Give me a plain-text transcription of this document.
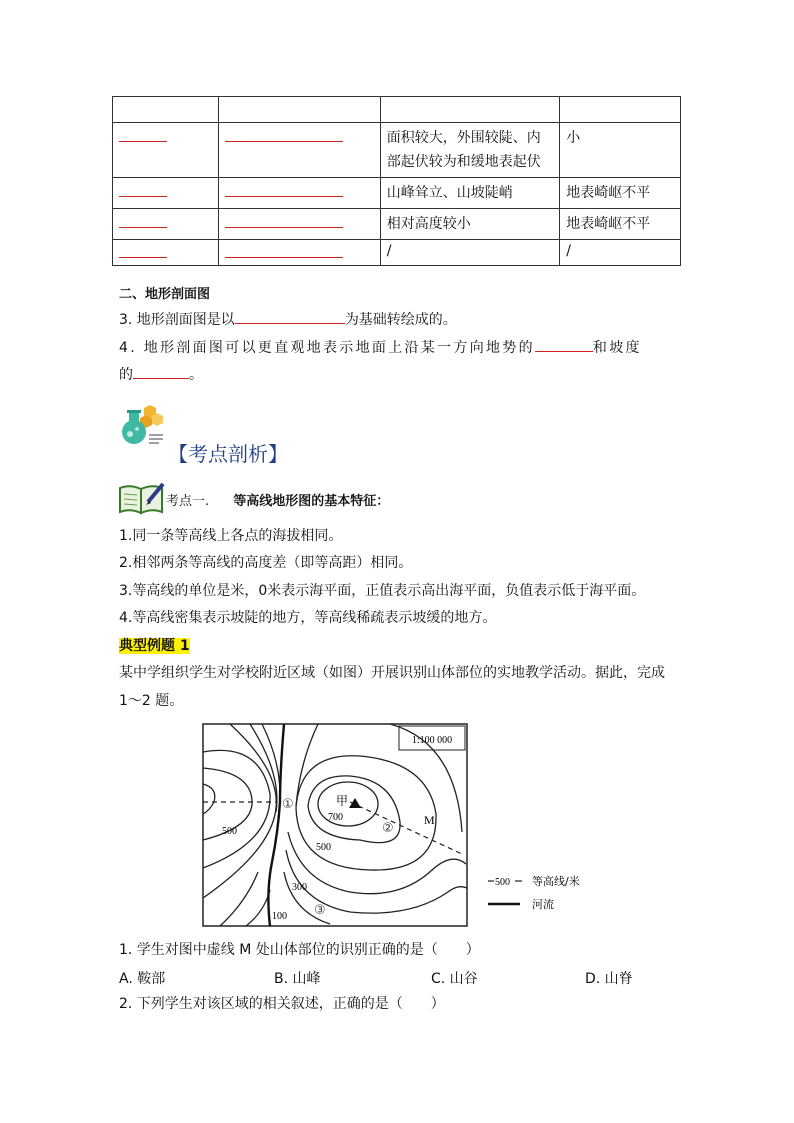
		面积较大，外围较陡、内部起伏较为和缓地表起伏	小
		山峰耸立、山坡陡峭	地表崎岖不平
		相对高度较小	地表崎岖不平
		/	/
二、地形剖面图
3. 地形剖面图是以	为基础转绘成的。
4. 地形剖面图可以更直观地表示地面上沿某一方向地势的	和坡度
的	。
【考点剖析】
考点一. 等高线地形图的基本特征：
1.同一条等高线上各点的海拔相同。
2.相邻两条等高线的高度差（即等高距）相同。
3.等高线的单位是米，0米表示海平面，正值表示高出海平面，负值表示低于海平面。
4.等高线密集表示坡陡的地方，等高线稀疏表示坡缓的地方。
典型例题 1
某中学组织学生对学校附近区域（如图）开展识别山体部位的实地教学活动。据此，完成
1～2 题。
1:100 000
甲
M
①
②
③
500
700
500
300
100
500 等高线/米
河流
1. 学生对图中虚线 M 处山体部位的识别正确的是（　　）
A. 鞍部	B. 山峰	C. 山谷	D. 山脊
2. 下列学生对该区域的相关叙述，正确的是（　　）
